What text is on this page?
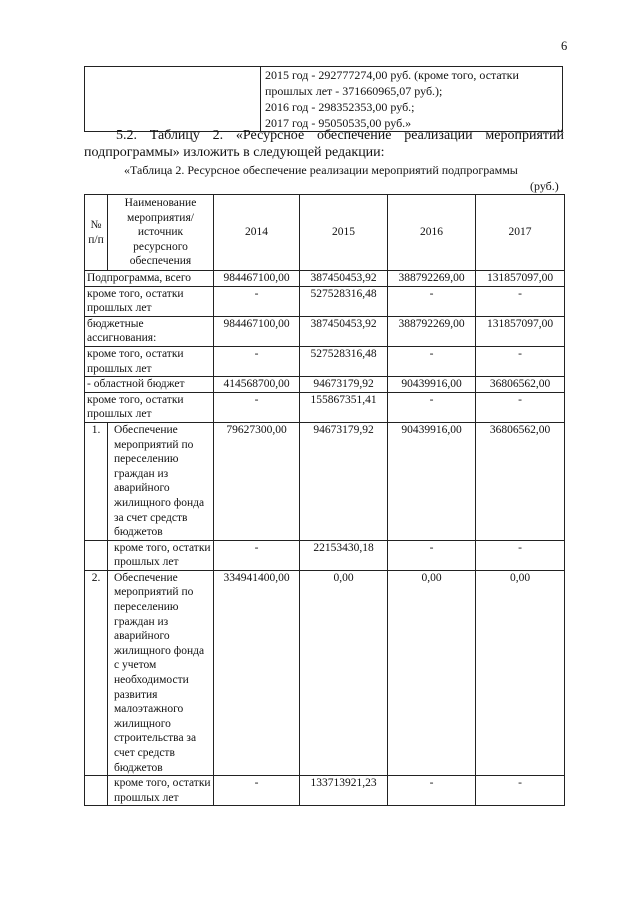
6

2015 год - 292777274,00 руб. (кроме того, остатки
прошлых лет - 371660965,07 руб.);
2016 год - 298352353,00 руб.;
2017 год - 95050535,00 руб.»
5.2. Таблицу 2. «Ресурсное обеспечение реализации мероприятий подпрограммы» изложить в следующей редакции:
«Таблица 2. Ресурсное обеспечение реализации мероприятий подпрограммы
(руб.)
№ п/п	Наименование мероприятия/ источник ресурсного обеспечения	2014	2015	2016	2017
Подпрограмма, всего		984467100,00	387450453,92	388792269,00	131857097,00
кроме того, остатки прошлых лет		-	527528316,48	-	-
бюджетные ассигнования:		984467100,00	387450453,92	388792269,00	131857097,00
кроме того, остатки прошлых лет		-	527528316,48	-	-
- областной бюджет		414568700,00	94673179,92	90439916,00	36806562,00
кроме того, остатки прошлых лет		-	155867351,41	-	-
1.	Обеспечение мероприятий по переселению граждан из аварийного жилищного фонда за счет средств бюджетов	79627300,00	94673179,92	90439916,00	36806562,00
	кроме того, остатки прошлых лет	-	22153430,18	-	-
2.	Обеспечение мероприятий по переселению граждан из аварийного жилищного фонда с учетом необходимости развития малоэтажного жилищного строительства за счет средств бюджетов	334941400,00	0,00	0,00	0,00
	кроме того, остатки прошлых лет	-	133713921,23	-	-
